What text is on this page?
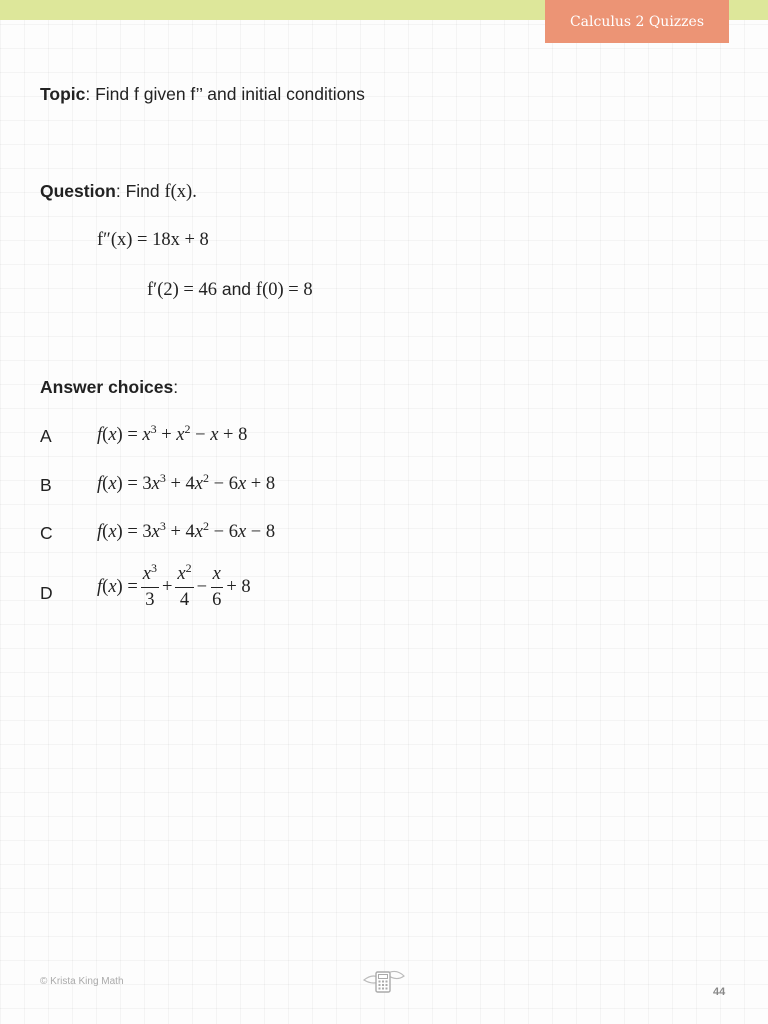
Calculus 2 Quizzes
Topic: Find f given f’’ and initial conditions
Question: Find f(x).
f″(x) = 18x + 8
f′(2) = 46 and f(0) = 8
Answer choices:
A $f(x) = x^3 + x^2 - x + 8$
B $f(x) = 3x^3 + 4x^2 - 6x + 8$
C $f(x) = 3x^3 + 4x^2 - 6x - 8$
D $f(x) = \frac{x^3}{3} + \frac{x^2}{4} - \frac{x}{6} + 8$
© Krista King Math
44
